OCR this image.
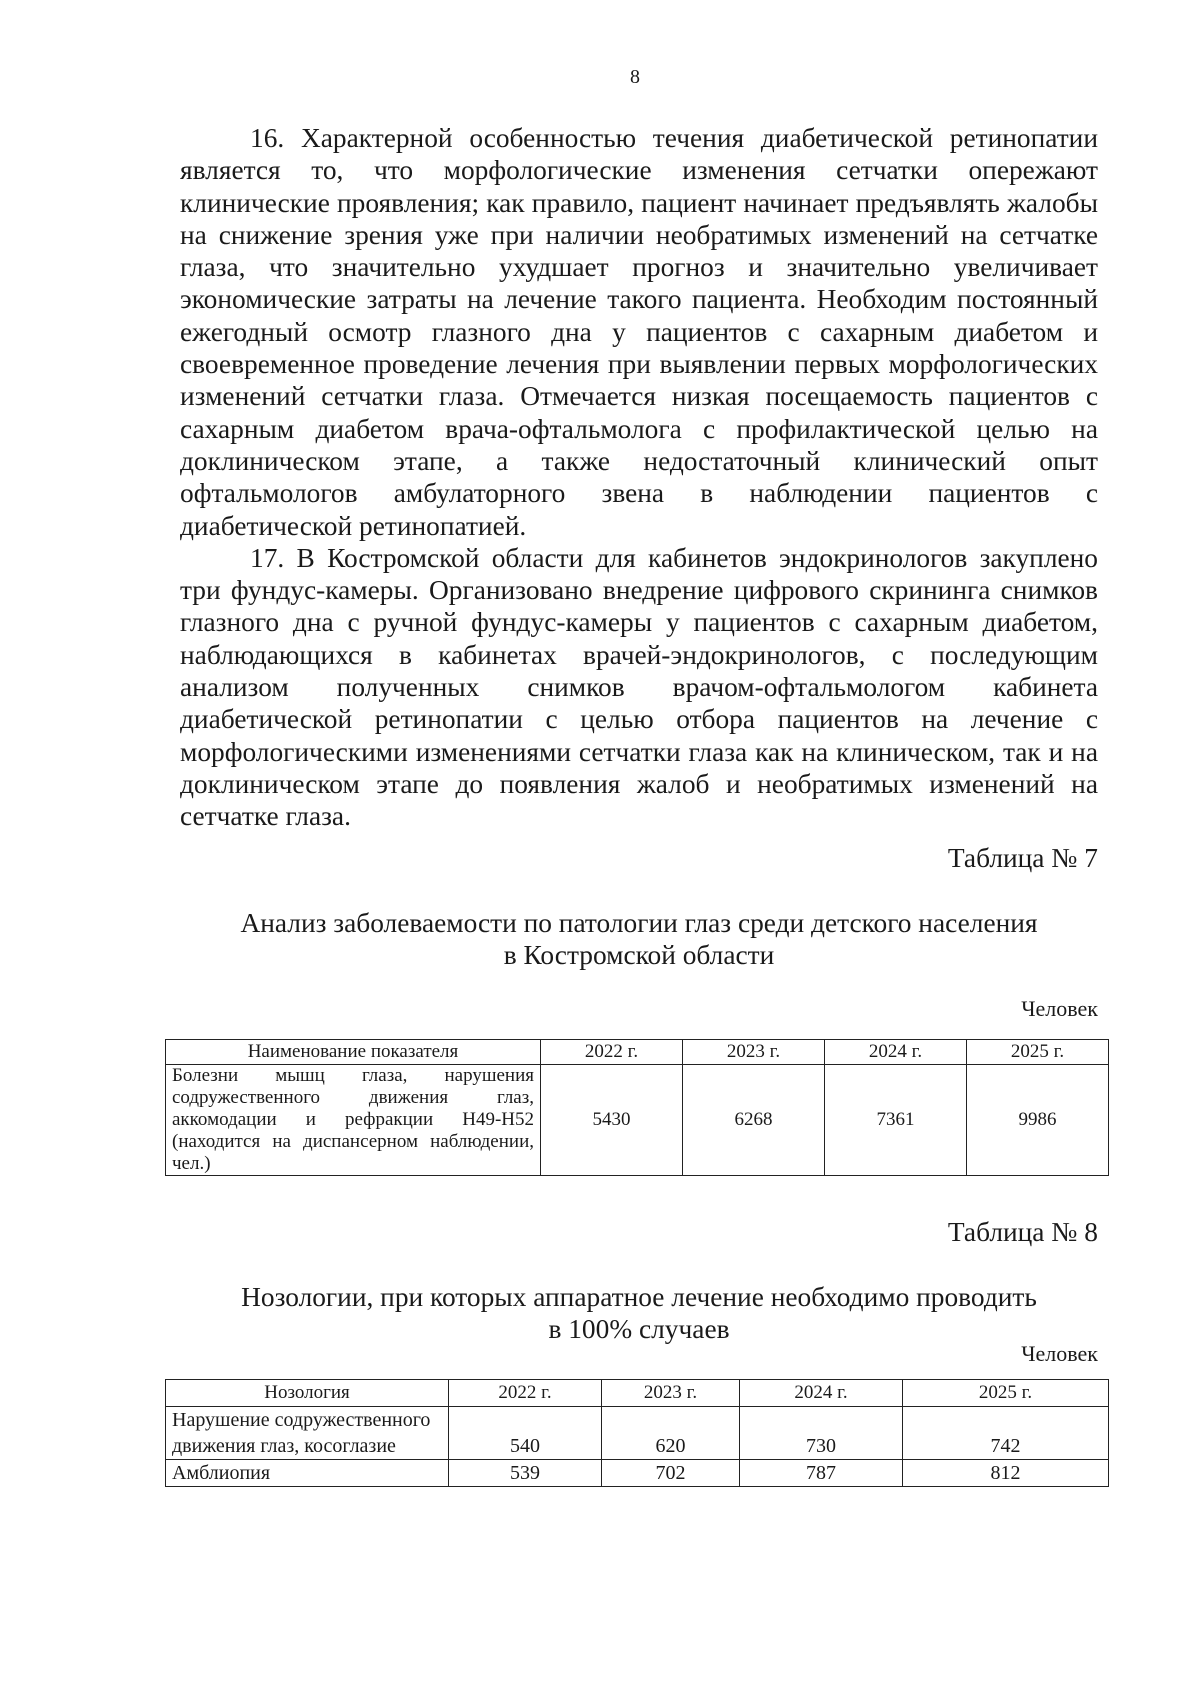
8

16. Характерной особенностью течения диабетической ретинопатии является то, что морфологические изменения сетчатки опережают клинические проявления; как правило, пациент начинает предъявлять жалобы на снижение зрения уже при наличии необратимых изменений на сетчатке глаза, что значительно ухудшает прогноз и значительно увеличивает экономические затраты на лечение такого пациента. Необходим постоянный ежегодный осмотр глазного дна у пациентов с сахарным диабетом и своевременное проведение лечения при выявлении первых морфологических изменений сетчатки глаза. Отмечается низкая посещаемость пациентов с сахарным диабетом врача-офтальмолога с профилактической целью на доклиническом этапе, а также недостаточный клинический опыт офтальмологов амбулаторного звена в наблюдении пациентов с диабетической ретинопатией.

17. В Костромской области для кабинетов эндокринологов закуплено три фундус-камеры. Организовано внедрение цифрового скрининга снимков глазного дна с ручной фундус-камеры у пациентов с сахарным диабетом, наблюдающихся в кабинетах врачей-эндокринологов, с последующим анализом полученных снимков врачом-офтальмологом кабинета диабетической ретинопатии с целью отбора пациентов на лечение с морфологическими изменениями сетчатки глаза как на клиническом, так и на доклиническом этапе до появления жалоб и необратимых изменений на сетчатке глаза.

Таблица № 7
Анализ заболеваемости по патологии глаз среди детского населения
в Костромской области
Человек
Наименование показателя	2022 г.	2023 г.	2024 г.	2025 г.
Болезни мышц глаза, нарушения содружественного движения глаз, аккомодации и рефракции H49-H52 (находится на диспансерном наблюдении, чел.)	5430	6268	7361	9986
Таблица № 8
Нозологии, при которых аппаратное лечение необходимо проводить
в 100% случаев
Человек
Нозология	2022 г.	2023 г.	2024 г.	2025 г.
Нарушение содружественного движения глаз, косоглазие	540	620	730	742
Амблиопия	539	702	787	812
